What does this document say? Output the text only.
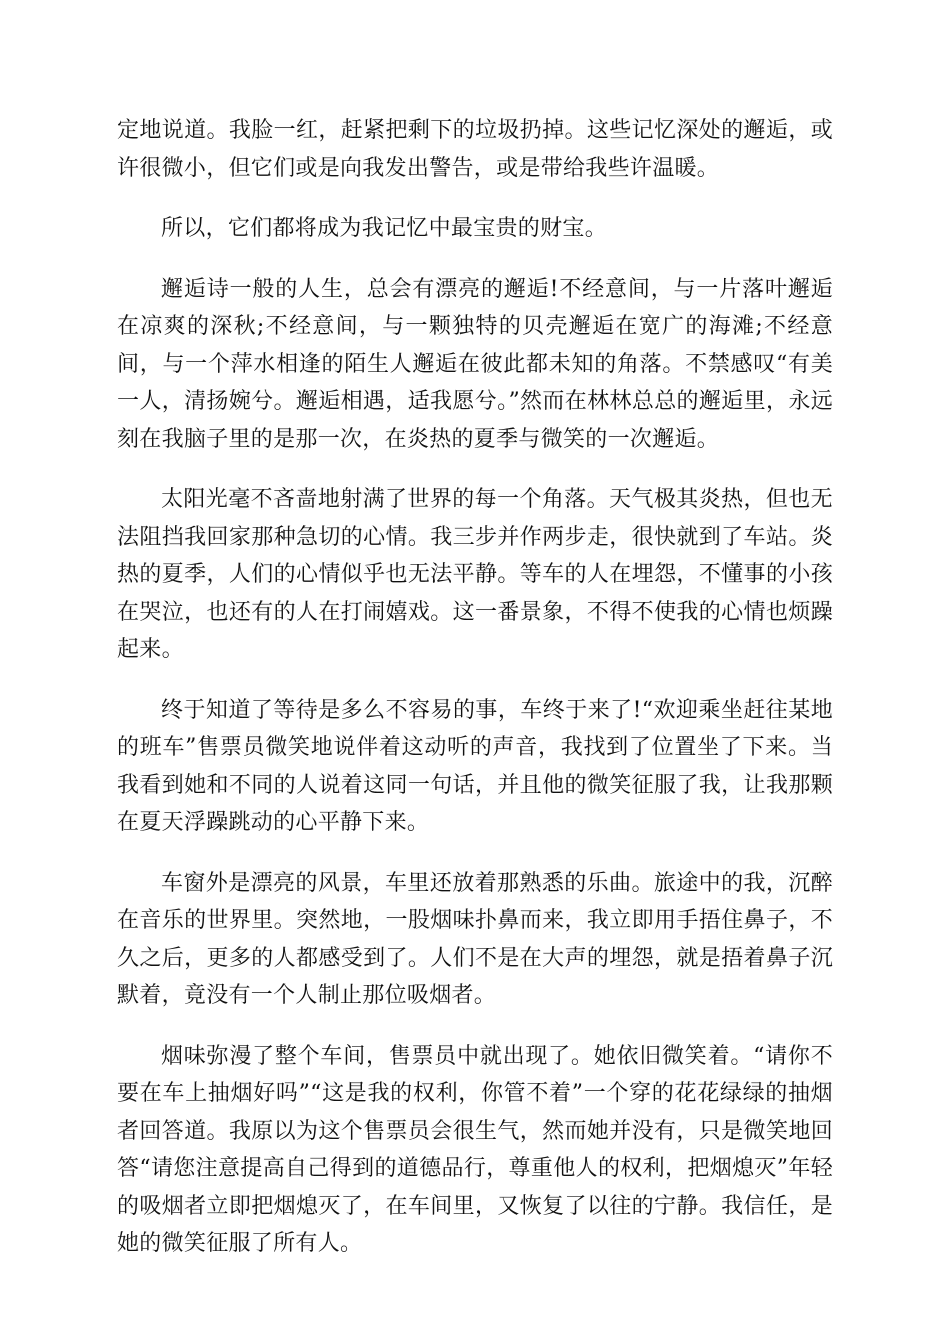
定地说道。我脸一红，赶紧把剩下的垃圾扔掉。这些记忆深处的邂逅，或许很微小，但它们或是向我发出警告，或是带给我些许温暖。

所以，它们都将成为我记忆中最宝贵的财宝。

邂逅诗一般的人生，总会有漂亮的邂逅!不经意间，与一片落叶邂逅在凉爽的深秋;不经意间，与一颗独特的贝壳邂逅在宽广的海滩;不经意间，与一个萍水相逢的陌生人邂逅在彼此都未知的角落。不禁感叹“有美一人，清扬婉兮。邂逅相遇，适我愿兮。”然而在林林总总的邂逅里，永远刻在我脑子里的是那一次，在炎热的夏季与微笑的一次邂逅。

太阳光毫不吝啬地射满了世界的每一个角落。天气极其炎热，但也无法阻挡我回家那种急切的心情。我三步并作两步走，很快就到了车站。炎热的夏季，人们的心情似乎也无法平静。等车的人在埋怨，不懂事的小孩在哭泣，也还有的人在打闹嬉戏。这一番景象，不得不使我的心情也烦躁起来。

终于知道了等待是多么不容易的事，车终于来了!“欢迎乘坐赶往某地的班车”售票员微笑地说伴着这动听的声音，我找到了位置坐了下来。当我看到她和不同的人说着这同一句话，并且他的微笑征服了我，让我那颗在夏天浮躁跳动的心平静下来。

车窗外是漂亮的风景，车里还放着那熟悉的乐曲。旅途中的我，沉醉在音乐的世界里。突然地，一股烟味扑鼻而来，我立即用手捂住鼻子，不久之后，更多的人都感受到了。人们不是在大声的埋怨，就是捂着鼻子沉默着，竟没有一个人制止那位吸烟者。

烟味弥漫了整个车间，售票员中就出现了。她依旧微笑着。“请你不要在车上抽烟好吗”“这是我的权利，你管不着”一个穿的花花绿绿的抽烟者回答道。我原以为这个售票员会很生气，然而她并没有，只是微笑地回答“请您注意提高自己得到的道德品行，尊重他人的权利，把烟熄灭”年轻的吸烟者立即把烟熄灭了，在车间里，又恢复了以往的宁静。我信任，是她的微笑征服了所有人。
